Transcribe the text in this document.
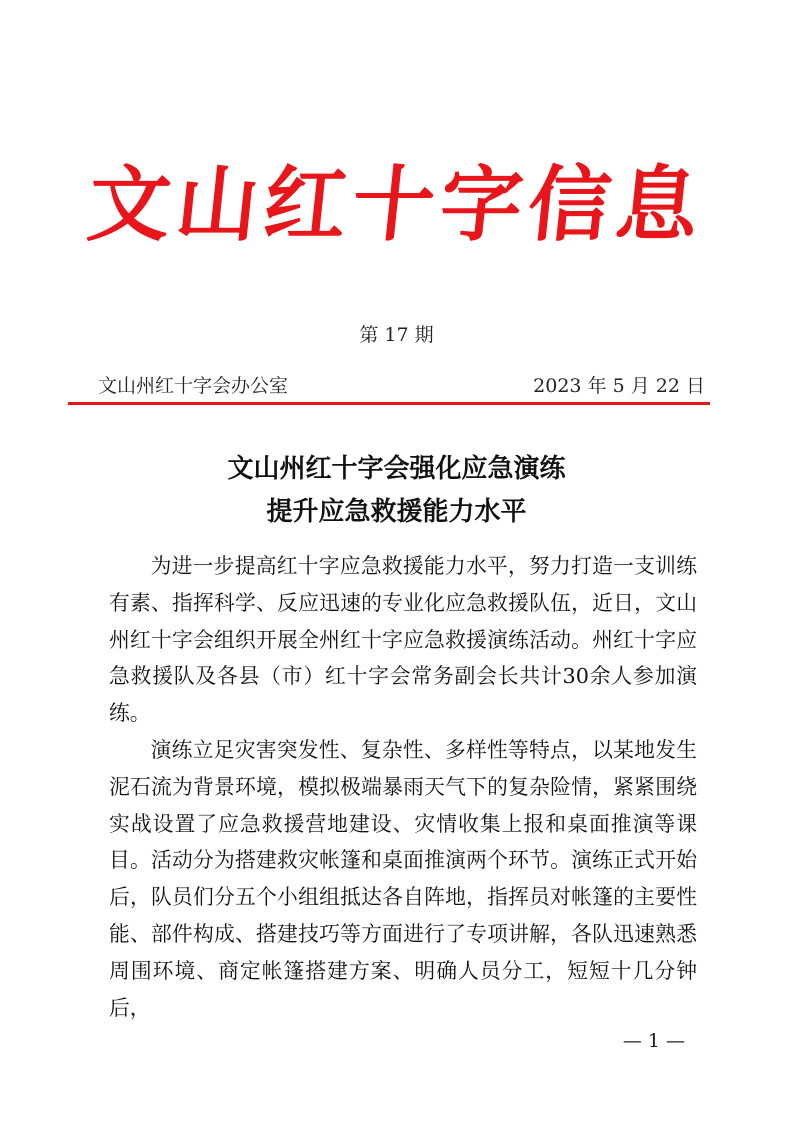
文山红十字信息
第 17 期
文山州红十字会办公室	2023 年 5 月 22 日
文山州红十字会强化应急演练
提升应急救援能力水平

为进一步提高红十字应急救援能力水平，努力打造一支训练有素、指挥科学、反应迅速的专业化应急救援队伍，近日，文山州红十字会组织开展全州红十字应急救援演练活动。州红十字应急救援队及各县（市）红十字会常务副会长共计30余人参加演练。

演练立足灾害突发性、复杂性、多样性等特点，以某地发生泥石流为背景环境，模拟极端暴雨天气下的复杂险情，紧紧围绕实战设置了应急救援营地建设、灾情收集上报和桌面推演等课目。活动分为搭建救灾帐篷和桌面推演两个环节。演练正式开始后，队员们分五个小组组抵达各自阵地，指挥员对帐篷的主要性能、部件构成、搭建技巧等方面进行了专项讲解，各队迅速熟悉周围环境、商定帐篷搭建方案、明确人员分工，短短十几分钟后，

— 1 —
